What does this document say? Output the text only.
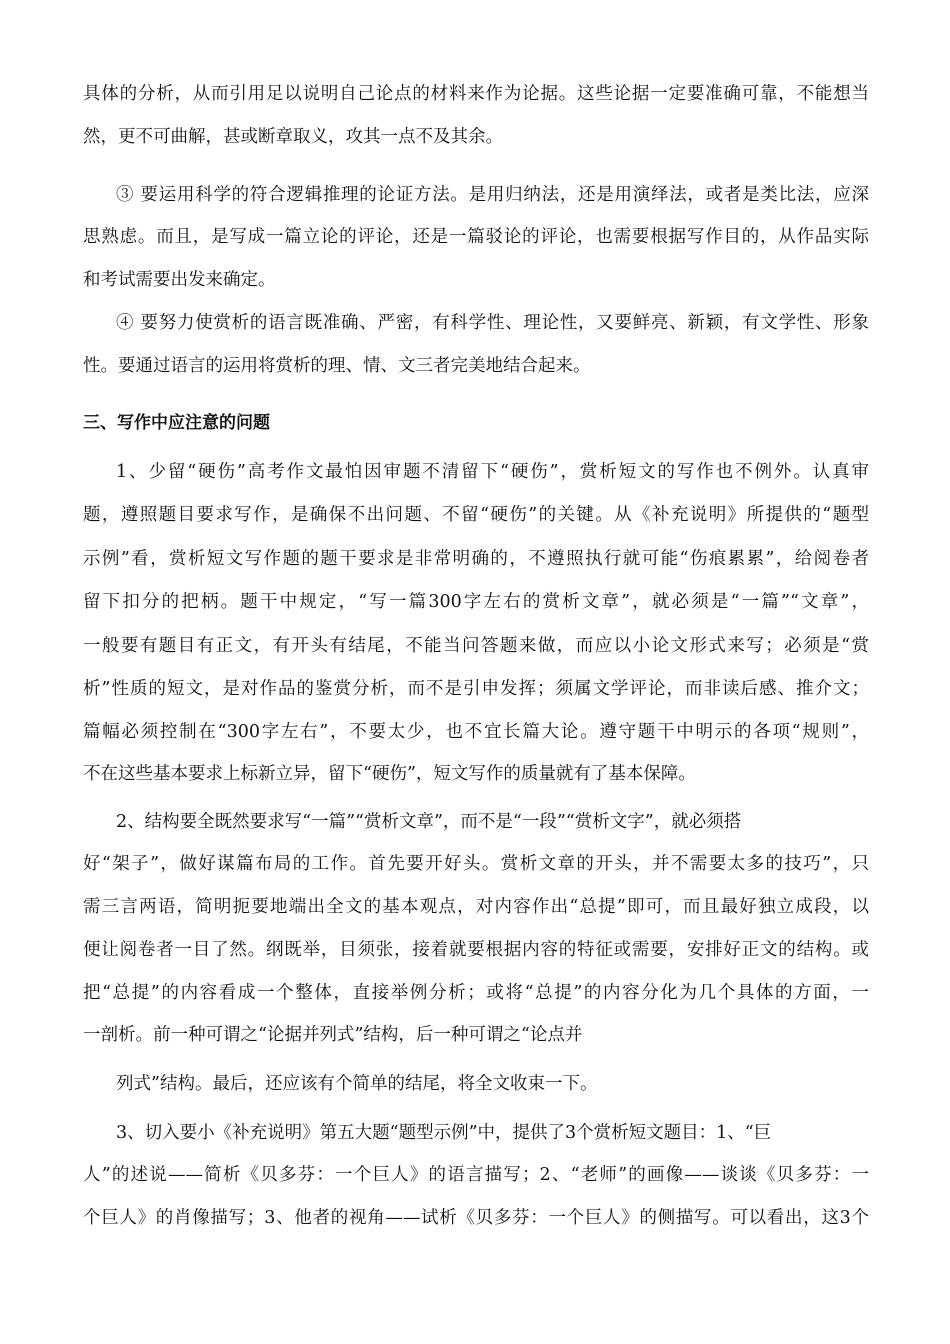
具体的分析，从而引用足以说明自己论点的材料来作为论据。这些论据一定要准确可靠，不能想当
然，更不可曲解，甚或断章取义，攻其一点不及其余。
③ 要运用科学的符合逻辑推理的论证方法。是用归纳法，还是用演绎法，或者是类比法，应深
思熟虑。而且，是写成一篇立论的评论，还是一篇驳论的评论，也需要根据写作目的，从作品实际
和考试需要出发来确定。
④ 要努力使赏析的语言既准确、严密，有科学性、理论性，又要鲜亮、新颖，有文学性、形象
性。要通过语言的运用将赏析的理、情、文三者完美地结合起来。
三、写作中应注意的问题
1、少留“硬伤”高考作文最怕因审题不清留下“硬伤”，赏析短文的写作也不例外。认真审
题，遵照题目要求写作，是确保不出问题、不留“硬伤”的关键。从《补充说明》所提供的“题型
示例”看，赏析短文写作题的题干要求是非常明确的，不遵照执行就可能“伤痕累累”，给阅卷者
留下扣分的把柄。题干中规定，“写一篇300字左右的赏析文章”，就必须是“一篇”“文章”，
一般要有题目有正文，有开头有结尾，不能当问答题来做，而应以小论文形式来写；必须是“赏
析”性质的短文，是对作品的鉴赏分析，而不是引申发挥；须属文学评论，而非读后感、推介文；
篇幅必须控制在“300字左右”，不要太少，也不宜长篇大论。遵守题干中明示的各项“规则”，
不在这些基本要求上标新立异，留下“硬伤”，短文写作的质量就有了基本保障。
2、结构要全既然要求写“一篇”“赏析文章”，而不是“一段”“赏析文字”，就必须搭
好“架子”，做好谋篇布局的工作。首先要开好头。赏析文章的开头，并不需要太多的技巧”，只
需三言两语，简明扼要地端出全文的基本观点，对内容作出“总提”即可，而且最好独立成段，以
便让阅卷者一目了然。纲既举，目须张，接着就要根据内容的特征或需要，安排好正文的结构。或
把“总提”的内容看成一个整体，直接举例分析；或将“总提”的内容分化为几个具体的方面，一
一剖析。前一种可谓之“论据并列式”结构，后一种可谓之“论点并
列式”结构。最后，还应该有个简单的结尾，将全文收束一下。
3、切入要小《补充说明》第五大题“题型示例”中，提供了3个赏析短文题目：1、“巨
人”的述说——简析《贝多芬：一个巨人》的语言描写；2、“老师”的画像——谈谈《贝多芬：一
个巨人》的肖像描写；3、他者的视角——试析《贝多芬：一个巨人》的侧描写。可以看出，这3个
